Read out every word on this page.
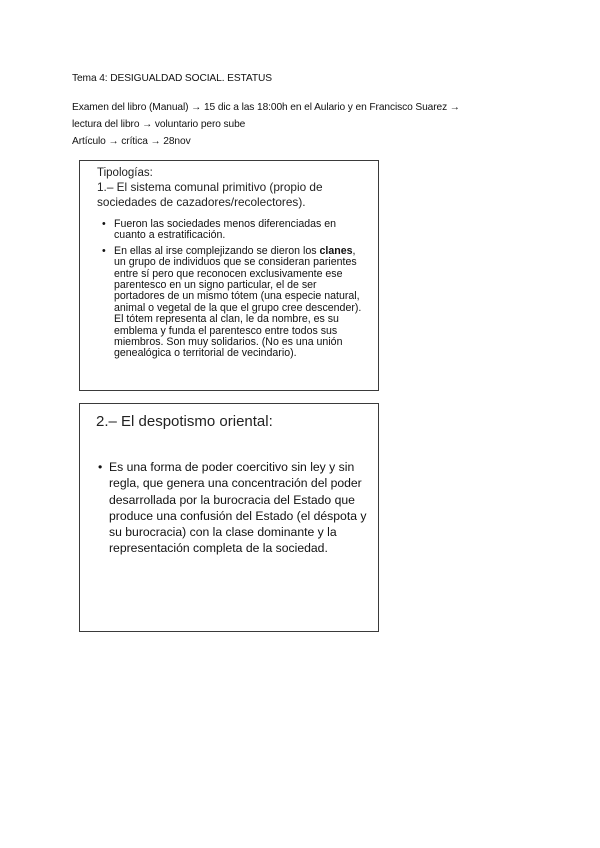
Tema 4: DESIGUALDAD SOCIAL. ESTATUS
Examen del libro (Manual) → 15 dic a las 18:00h en el Aulario y en Francisco Suarez →
lectura del libro → voluntario pero sube
Artículo → crítica → 28nov
Tipologías:
1.– El sistema comunal primitivo (propio de sociedades de cazadores/recolectores).
• Fueron las sociedades menos diferenciadas en cuanto a estratificación.
• En ellas al irse complejizando se dieron los clanes, un grupo de individuos que se consideran parientes entre sí pero que reconocen exclusivamente ese parentesco en un signo particular, el de ser portadores de un mismo tótem (una especie natural, animal o vegetal de la que el grupo cree descender). El tótem representa al clan, le da nombre, es su emblema y funda el parentesco entre todos sus miembros. Son muy solidarios. (No es una unión genealógica o territorial de vecindario).
2.– El despotismo oriental:
• Es una forma de poder coercitivo sin ley y sin regla, que genera una concentración del poder desarrollada por la burocracia del Estado que produce una confusión del Estado (el déspota y su burocracia) con la clase dominante y la representación completa de la sociedad.
